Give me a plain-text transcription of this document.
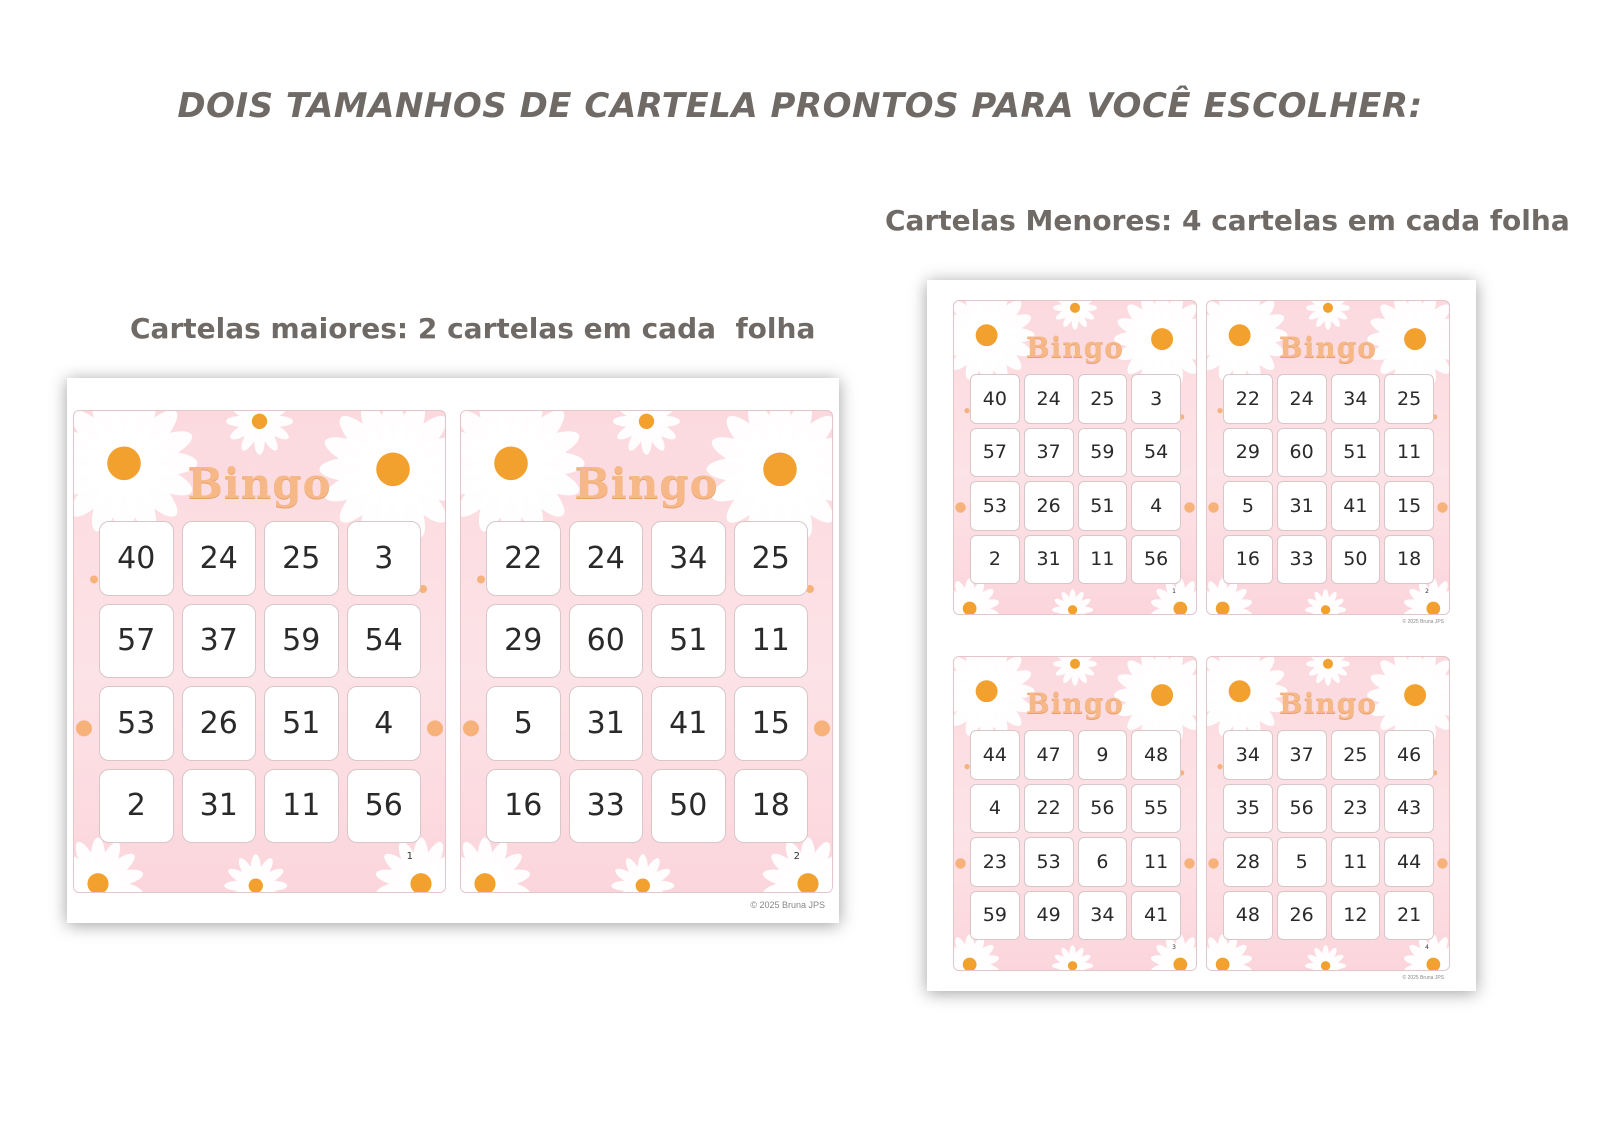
DOIS TAMANHOS DE CARTELA PRONTOS PARA VOCÊ ESCOLHER:

Cartelas maiores: 2 cartelas em cada  folha

Cartelas Menores: 4 cartelas em cada folha

Bingo
40	24	25	3
57	37	59	54
53	26	51	4
2	31	11	56
1
Bingo
22	24	34	25
29	60	51	11
5	31	41	15
16	33	50	18
2
© 2025 Bruna JPS
Bingo
40	24	25	3
57	37	59	54
53	26	51	4
2	31	11	56
1
Bingo
22	24	34	25
29	60	51	11
5	31	41	15
16	33	50	18
2
© 2025 Bruna JPS
Bingo
44	47	9	48
4	22	56	55
23	53	6	11
59	49	34	41
3
Bingo
34	37	25	46
35	56	23	43
28	5	11	44
48	26	12	21
4
© 2025 Bruna JPS
